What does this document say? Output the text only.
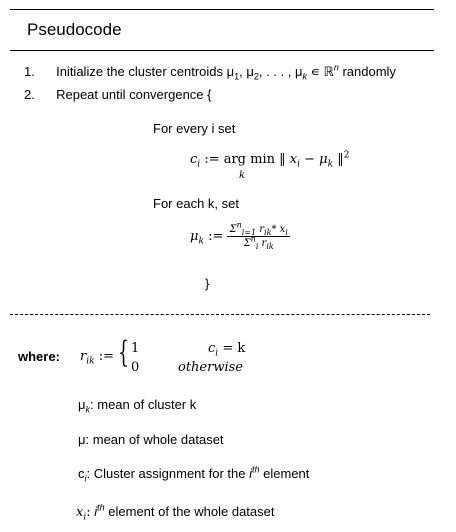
Pseudocode
1. Initialize the cluster centroids $\mu_1$, $\mu_2$, . . . , $\mu_k$ ∊ ℝ$^n$ randomly
2. Repeat until convergence {
For every i set
$c_i$ := arg min ‖ $x_i - \mu_k$ ‖$^2$
k
For each k, set
$\mu_k$ := $\frac{\Sigma^n_{i=1} r_{ik}* x_i}{\Sigma^n_i r_{ik}}$
}
where: $r_{ik}$ := { 1
0
$c_i = k$
otherwise
$\mu_k$: mean of cluster k
μ: mean of whole dataset
$c_i$: Cluster assignment for the $i^{th}$ element
$x_i$: $i^{th}$ element of the whole dataset
